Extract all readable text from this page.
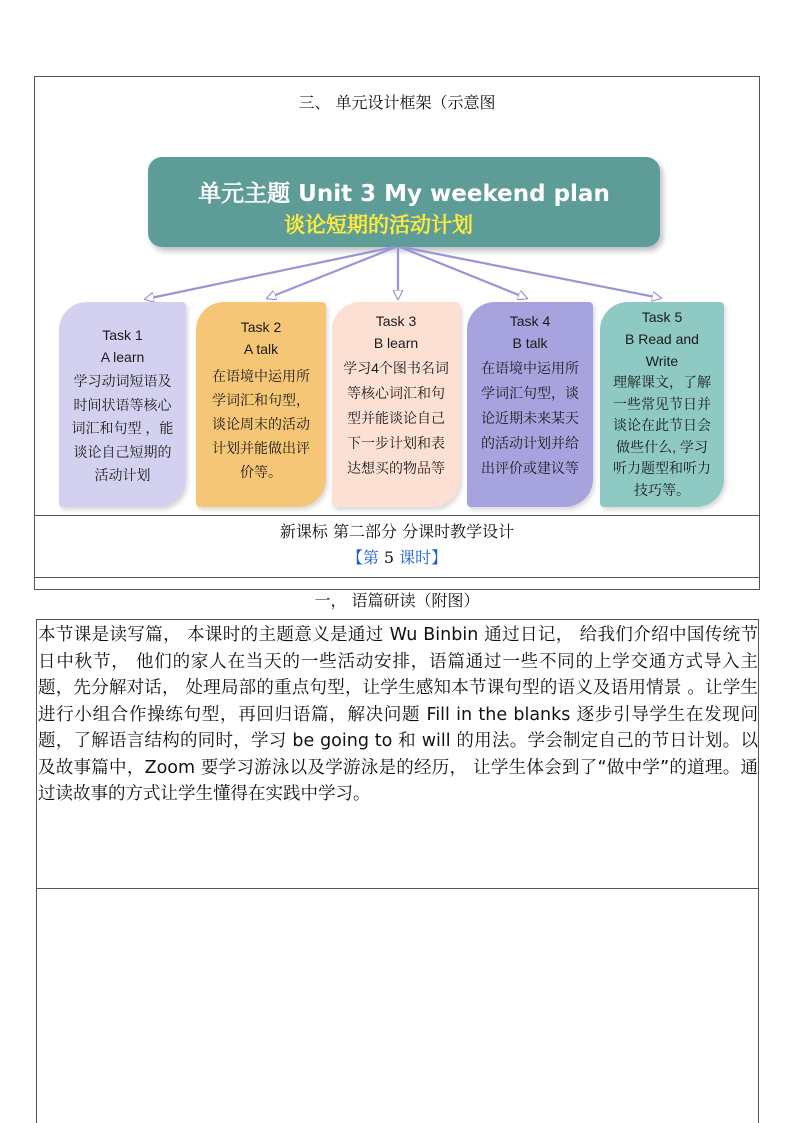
三、 单元设计框架（示意图
单元主题 Unit 3 My weekend plan
谈论短期的活动计划
Task 1
A learn
学习动词短语及
时间状语等核心
词汇和句型 ，能
谈论自己短期的
活动计划
Task 2
A talk
在语境中运用所
学词汇和句型，
谈论周末的活动
计划并能做出评
价等。
Task 3
B learn
学习4个图书名词
等核心词汇和句
型并能谈论自己
下一步计划和表
达想买的物品等
Task 4
B talk
在语境中运用所
学词汇句型，谈
论近期未来某天
的活动计划并给
出评价或建议等
Task 5
B Read and
Write
理解课文，了解
一些常见节日并
谈论在此节日会
做些什么, 学习
听力题型和听力
技巧等。
新课标 第二部分 分课时教学设计
【第 5 课时】
一， 语篇研读（附图）

本节课是读写篇， 本课时的主题意义是通过 Wu Binbin 通过日记， 给我们介绍中国传统节日中秋节， 他们的家人在当天的一些活动安排，语篇通过一些不同的上学交通方式导入主题，先分解对话， 处理局部的重点句型，让学生感知本节课句型的语义及语用情景 。让学生进行小组合作操练句型，再回归语篇，解决问题 Fill in the blanks 逐步引导学生在发现问题，了解语言结构的同时，学习 be going to 和 will 的用法。学会制定自己的节日计划。以及故事篇中，Zoom 要学习游泳以及学游泳是的经历， 让学生体会到了“做中学”的道理。通过读故事的方式让学生懂得在实践中学习。
